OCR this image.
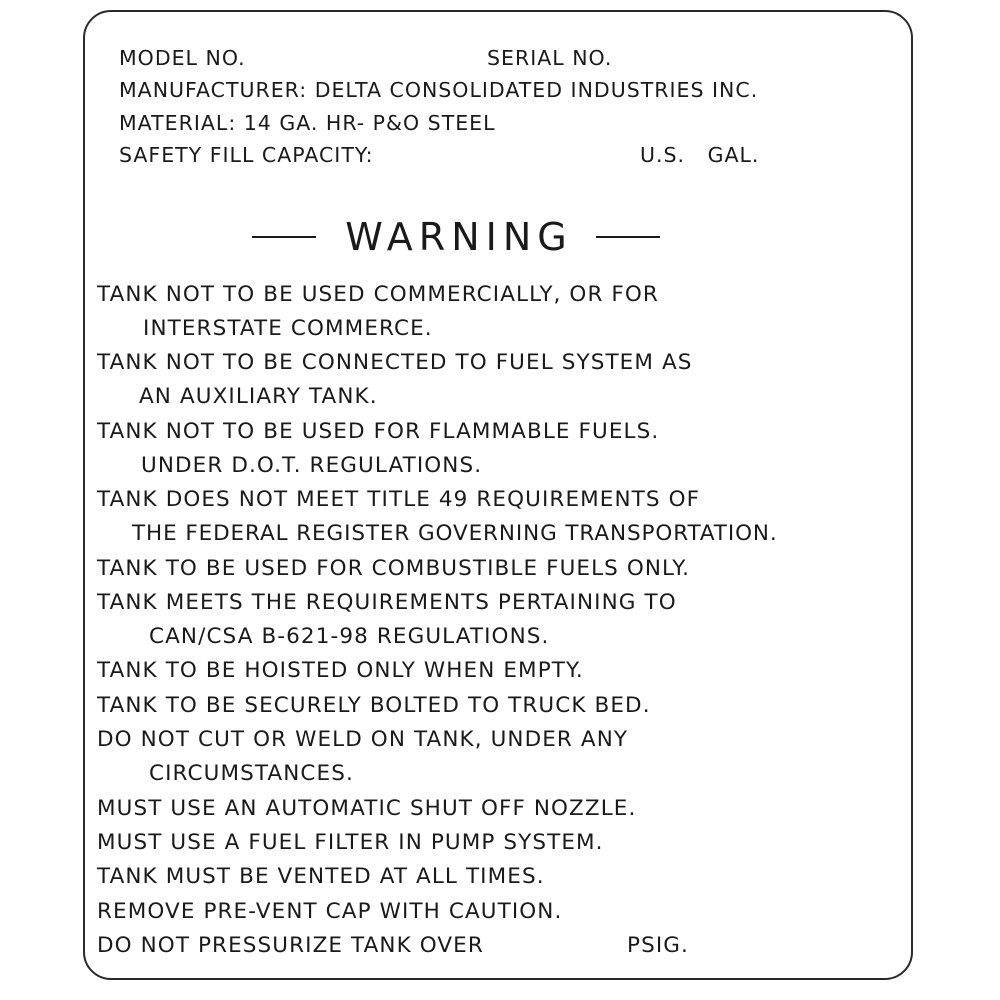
MODEL NO.	SERIAL NO.
MANUFACTURER: DELTA CONSOLIDATED INDUSTRIES INC.
MATERIAL: 14 GA. HR- P&O STEEL
SAFETY FILL CAPACITY:	U.S.   GAL.
WARNING
TANK NOT TO BE USED COMMERCIALLY, OR FOR
INTERSTATE COMMERCE.
TANK NOT TO BE CONNECTED TO FUEL SYSTEM AS
AN AUXILIARY TANK.
TANK NOT TO BE USED FOR FLAMMABLE FUELS.
UNDER D.O.T. REGULATIONS.
TANK DOES NOT MEET TITLE 49 REQUIREMENTS OF
THE FEDERAL REGISTER GOVERNING TRANSPORTATION.
TANK TO BE USED FOR COMBUSTIBLE FUELS ONLY.
TANK MEETS THE REQUIREMENTS PERTAINING TO
CAN/CSA B-621-98 REGULATIONS.
TANK TO BE HOISTED ONLY WHEN EMPTY.
TANK TO BE SECURELY BOLTED TO TRUCK BED.
DO NOT CUT OR WELD ON TANK, UNDER ANY
CIRCUMSTANCES.
MUST USE AN AUTOMATIC SHUT OFF NOZZLE.
MUST USE A FUEL FILTER IN PUMP SYSTEM.
TANK MUST BE VENTED AT ALL TIMES.
REMOVE PRE-VENT CAP WITH CAUTION.
DO NOT PRESSURIZE TANK OVER	PSIG.
